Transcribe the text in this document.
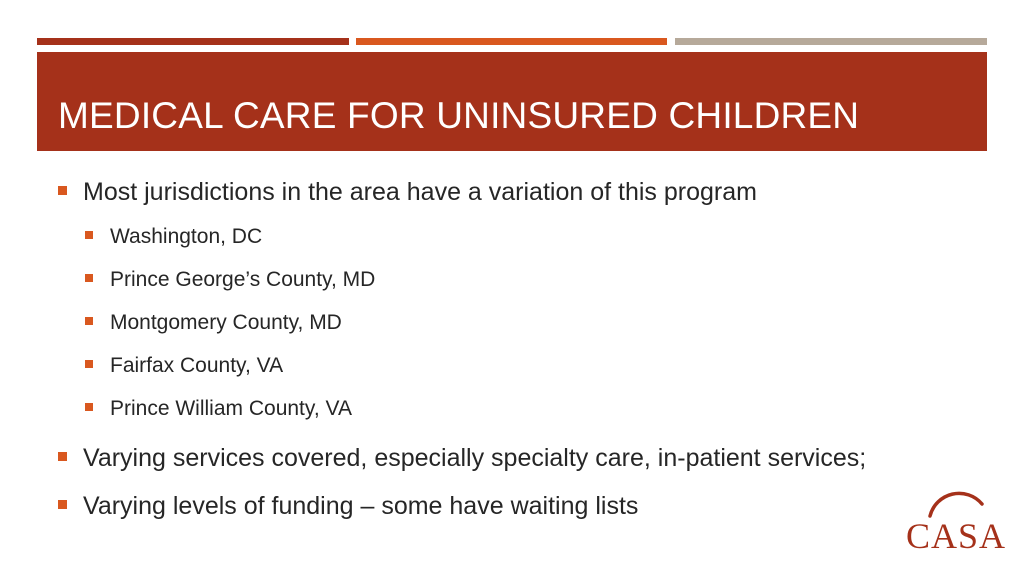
MEDICAL CARE FOR UNINSURED CHILDREN
Most jurisdictions in the area have a variation of this program
Washington, DC
Prince George’s County, MD
Montgomery County, MD
Fairfax County, VA
Prince William County, VA
Varying services covered, especially specialty care, in-patient services;
Varying levels of funding – some have waiting lists
CASA
